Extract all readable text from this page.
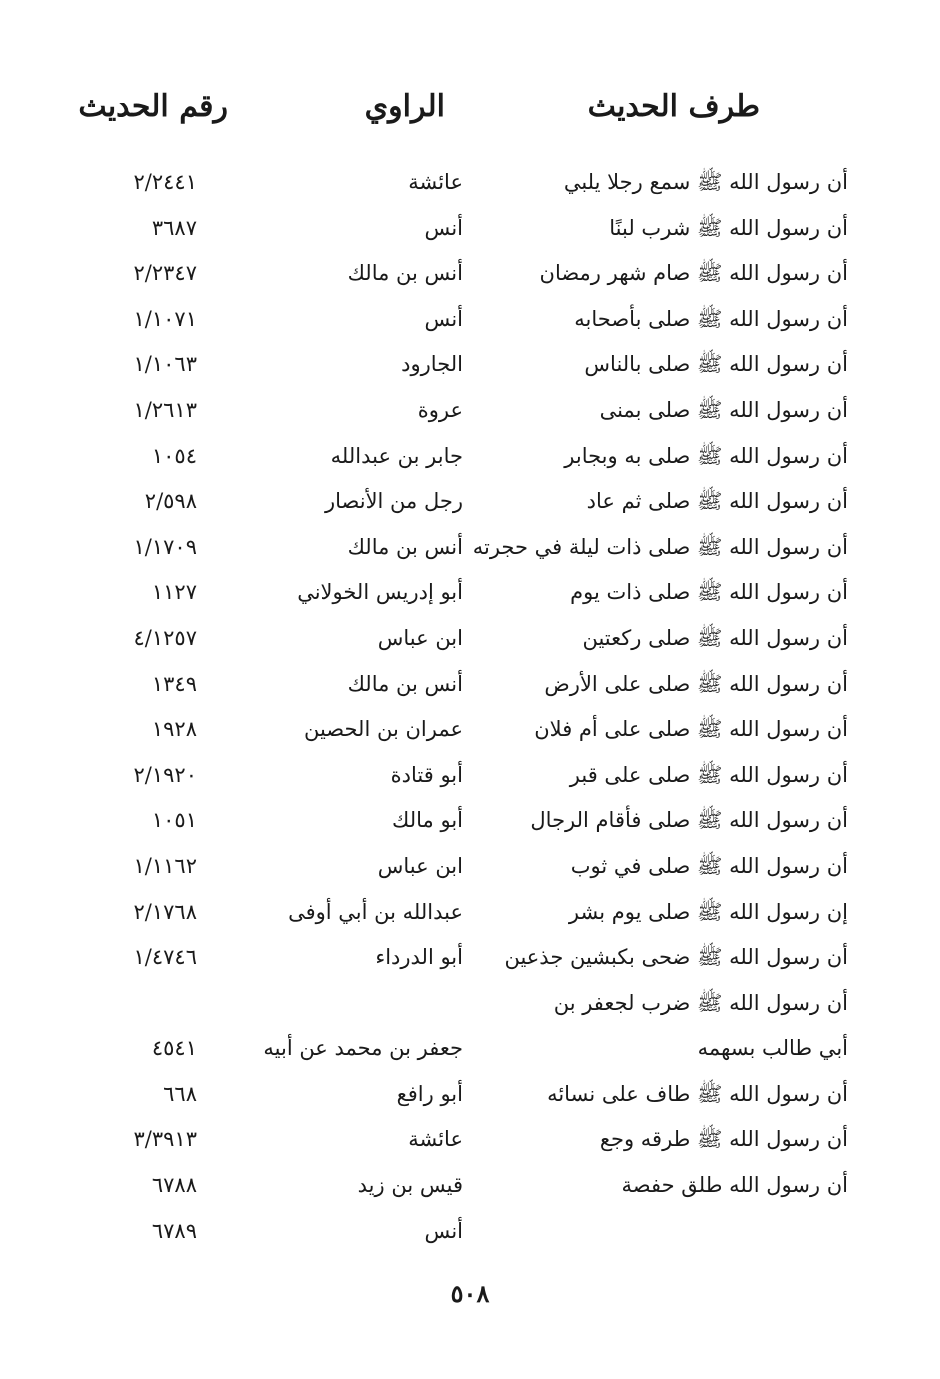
طرف الحديث
الراوي
رقم الحديث
أن رسول الله ﷺ سمع رجلا يلبي
عائشة
٢/٢٤٤١
أن رسول الله ﷺ شرب لبنًا
أنس
٣٦٨٧
أن رسول الله ﷺ صام شهر رمضان
أنس بن مالك
٢/٢٣٤٧
أن رسول الله ﷺ صلى بأصحابه
أنس
١/١٠٧١
أن رسول الله ﷺ صلى بالناس
الجارود
١/١٠٦٣
أن رسول الله ﷺ صلى بمنى
عروة
١/٢٦١٣
أن رسول الله ﷺ صلى به وبجابر
جابر بن عبدالله
١٠٥٤
أن رسول الله ﷺ صلى ثم عاد
رجل من الأنصار
٢/٥٩٨
أن رسول الله ﷺ صلى ذات ليلة في حجرته
أنس بن مالك
١/١٧٠٩
أن رسول الله ﷺ صلى ذات يوم
أبو إدريس الخولاني
١١٢٧
أن رسول الله ﷺ صلى ركعتين
ابن عباس
٤/١٢٥٧
أن رسول الله ﷺ صلى على الأرض
أنس بن مالك
١٣٤٩
أن رسول الله ﷺ صلى على أم فلان
عمران بن الحصين
١٩٢٨
أن رسول الله ﷺ صلى على قبر
أبو قتادة
٢/١٩٢٠
أن رسول الله ﷺ صلى فأقام الرجال
أبو مالك
١٠٥١
أن رسول الله ﷺ صلى في ثوب
ابن عباس
١/١١٦٢
إن رسول الله ﷺ صلى يوم بشر
عبدالله بن أبي أوفى
٢/١٧٦٨
أن رسول الله ﷺ ضحى بكبشين جذعين
أبو الدرداء
١/٤٧٤٦
أن رسول الله ﷺ ضرب لجعفر بن
أبي طالب بسهمه
جعفر بن محمد عن أبيه
٤٥٤١
أن رسول الله ﷺ طاف على نسائه
أبو رافع
٦٦٨
أن رسول الله ﷺ طرقه وجع
عائشة
٣/٣٩١٣
أن رسول الله طلق حفصة
قيس بن زيد
٦٧٨٨
أنس
٦٧٨٩
٥٠٨
